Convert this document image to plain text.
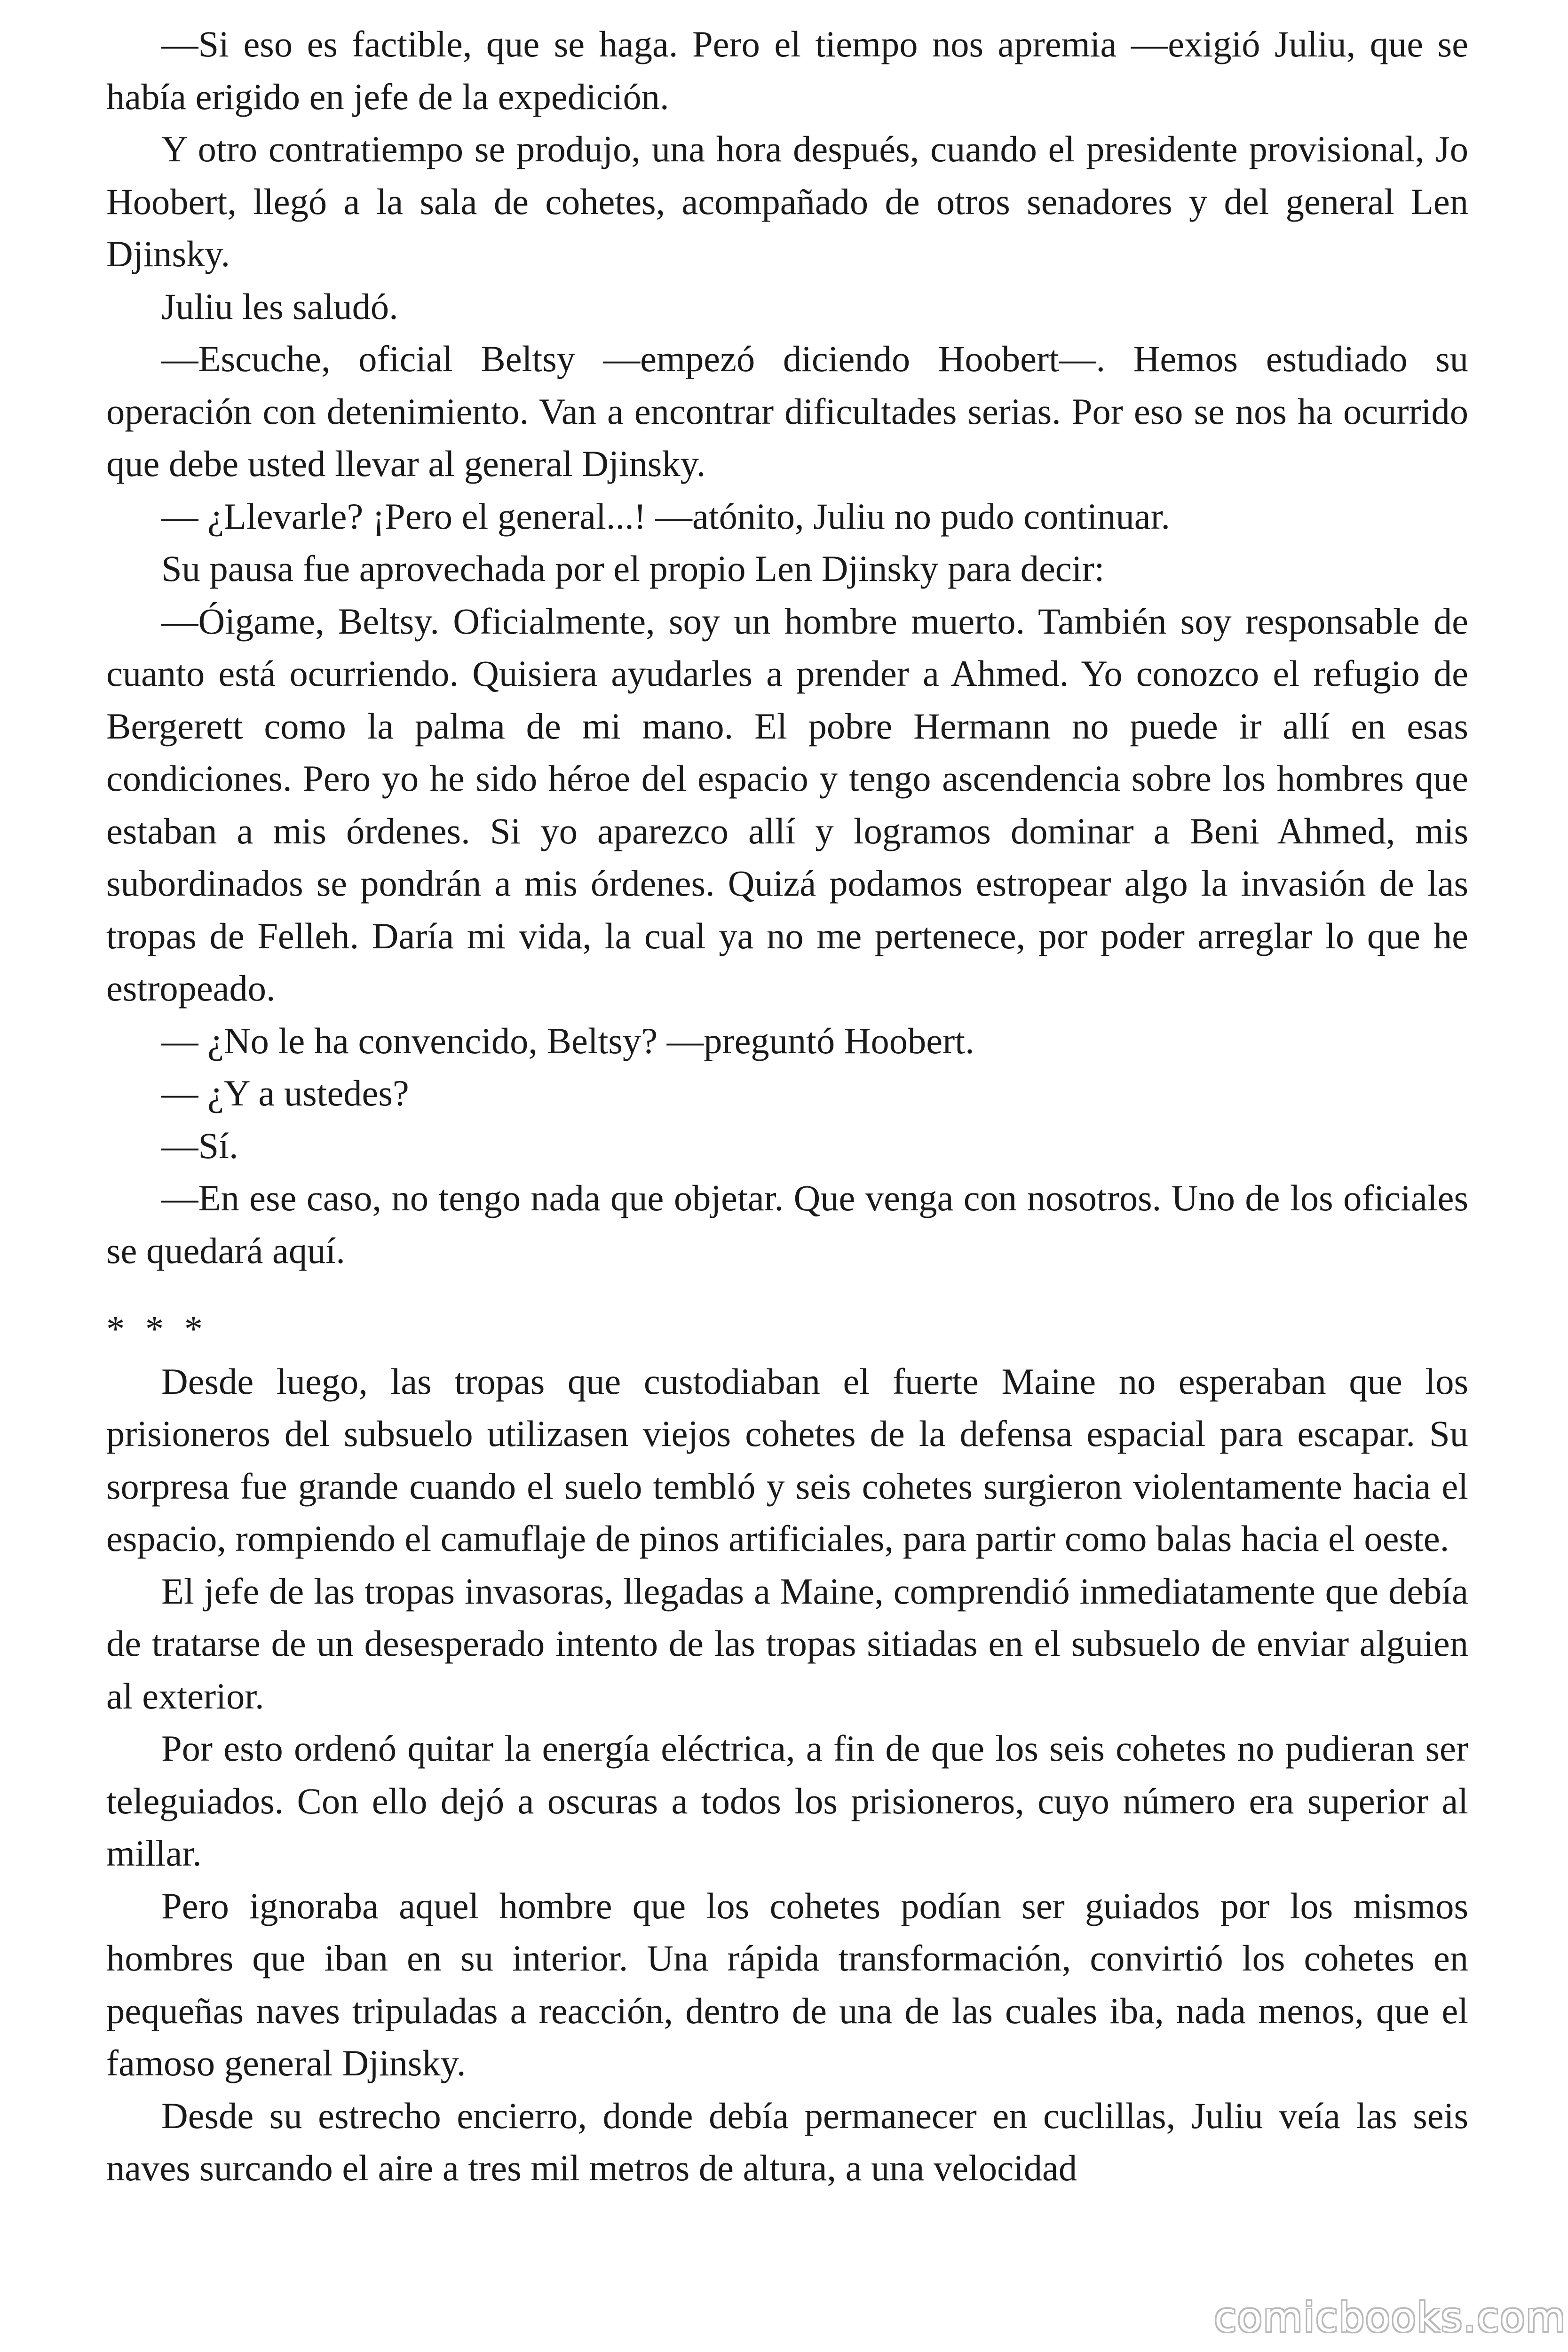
—Si eso es factible, que se haga. Pero el tiempo nos apremia —exigió Juliu, que se había erigido en jefe de la expedición.

Y otro contratiempo se produjo, una hora después, cuando el presidente provisional, Jo Hoobert, llegó a la sala de cohetes, acompañado de otros senadores y del general Len Djinsky.

Juliu les saludó.

—Escuche, oficial Beltsy —empezó diciendo Hoobert—. Hemos estudiado su operación con detenimiento. Van a encontrar dificultades serias. Por eso se nos ha ocurrido que debe usted llevar al general Djinsky.

— ¿Llevarle? ¡Pero el general...! —atónito, Juliu no pudo continuar.

Su pausa fue aprovechada por el propio Len Djinsky para decir:

—Óigame, Beltsy. Oficialmente, soy un hombre muerto. También soy responsable de cuanto está ocurriendo. Quisiera ayudarles a prender a Ahmed. Yo conozco el refugio de Bergerett como la palma de mi mano. El pobre Hermann no puede ir allí en esas condiciones. Pero yo he sido héroe del espacio y tengo ascendencia sobre los hombres que estaban a mis órdenes. Si yo aparezco allí y logramos dominar a Beni Ahmed, mis subordinados se pondrán a mis órdenes. Quizá podamos estropear algo la invasión de las tropas de Felleh. Daría mi vida, la cual ya no me pertenece, por poder arreglar lo que he estropeado.

— ¿No le ha convencido, Beltsy? —preguntó Hoobert.

— ¿Y a ustedes?

—Sí.

—En ese caso, no tengo nada que objetar. Que venga con nosotros. Uno de los oficiales se quedará aquí.

* * *

Desde luego, las tropas que custodiaban el fuerte Maine no esperaban que los prisioneros del subsuelo utilizasen viejos cohetes de la defensa espacial para escapar. Su sorpresa fue grande cuando el suelo tembló y seis cohetes surgieron violentamente hacia el espacio, rompiendo el camuflaje de pinos artificiales, para partir como balas hacia el oeste.

El jefe de las tropas invasoras, llegadas a Maine, comprendió inmediatamente que debía de tratarse de un desesperado intento de las tropas sitiadas en el subsuelo de enviar alguien al exterior.

Por esto ordenó quitar la energía eléctrica, a fin de que los seis cohetes no pudieran ser teleguiados. Con ello dejó a oscuras a todos los prisioneros, cuyo número era superior al millar.

Pero ignoraba aquel hombre que los cohetes podían ser guiados por los mismos hombres que iban en su interior. Una rápida transformación, convirtió los cohetes en pequeñas naves tripuladas a reacción, dentro de una de las cuales iba, nada menos, que el famoso general Djinsky.

Desde su estrecho encierro, donde debía permanecer en cuclillas, Juliu veía las seis naves surcando el aire a tres mil metros de altura, a una velocidad

comicbooks.com
